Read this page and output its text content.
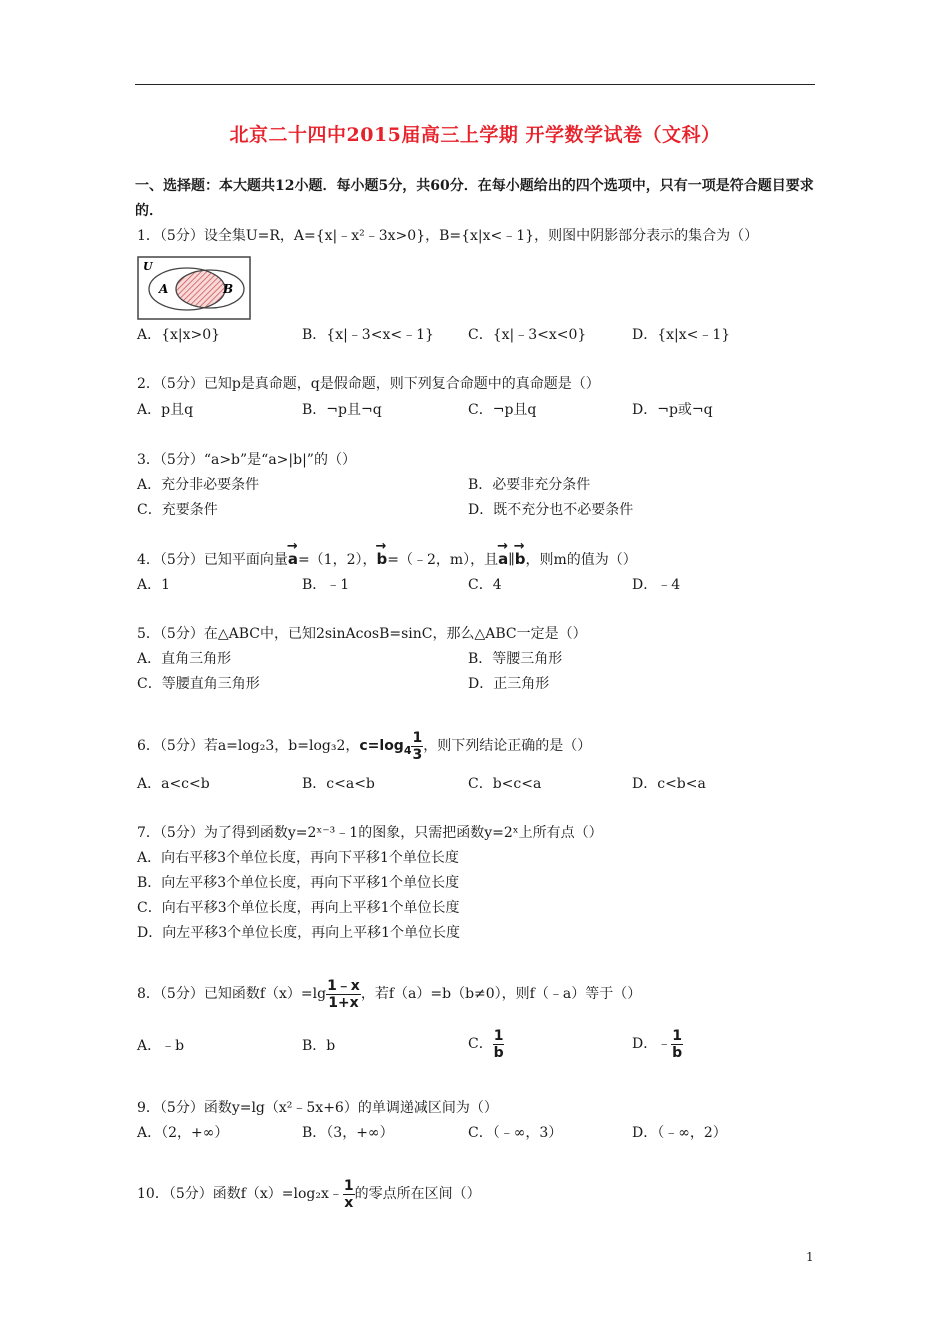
北京二十四中2015届高三上学期 开学数学试卷（文科）
一、选择题：本大题共12小题．每小题5分，共60分．在每小题给出的四个选项中，只有一项是符合题目要求的．
1．（5分）设全集U=R，A={x|﹣x²﹣3x>0}，B={x|x<﹣1}，则图中阴影部分表示的集合为（）
U
A	B
A．{x|x>0}	B．{x|﹣3<x<﹣1} C．{x|﹣3<x<0}	D．{x|x<﹣1}
2．（5分）已知p是真命题，q是假命题，则下列复合命题中的真命题是（）
A．p且q	B．¬p且¬q	C．¬p且q	D．¬p或¬q
3．（5分）“a>b”是“a>|b|”的（）
A．充分非必要条件	B．必要非充分条件
C．充要条件	D．既不充分也不必要条件
4．（5分）已知平面向量→ a=（1，2），→ b=（﹣2，m），且→ a∥→ b，则m的值为（）
A．1	B．﹣1	C．4	D．﹣4
5．（5分）在△ABC中，已知2sinAcosB=sinC，那么△ABC一定是（）
A．直角三角形	B．等腰三角形
C．等腰直角三角形	D．正三角形
6．（5分）若a=log₂3，b=log₃2，$c=\log_4 \frac{1}{3}$ ，则下列结论正确的是（）
A．a<c<b	B．c<a<b	C．b<c<a	D．c<b<a
7．（5分）为了得到函数y=2ˣ⁻³﹣1的图象，只需把函数y=2ˣ上所有点（）
A．向右平移3个单位长度，再向下平移1个单位长度
B．向左平移3个单位长度，再向下平移1个单位长度
C．向右平移3个单位长度，再向上平移1个单位长度
D．向左平移3个单位长度，再向上平移1个单位长度
8．（5分）已知函数$f(x)=\lg \frac{1﹣x}{1+x}$ ，若f（a）=b（b≠0），则f（﹣a）等于（）
A．﹣b	B．b	C． $\frac{1}{b}$	D．﹣ $\frac{1}{b}$
9．（5分）函数y=lg（x²﹣5x+6）的单调递减区间为（）
A．（2，+∞）	B．（3，+∞）	C．（﹣∞，3）	D．（﹣∞，2）
10．（5分）函数f（x）=log₂x﹣ $\frac{1}{x}$ 的零点所在区间（）
1
